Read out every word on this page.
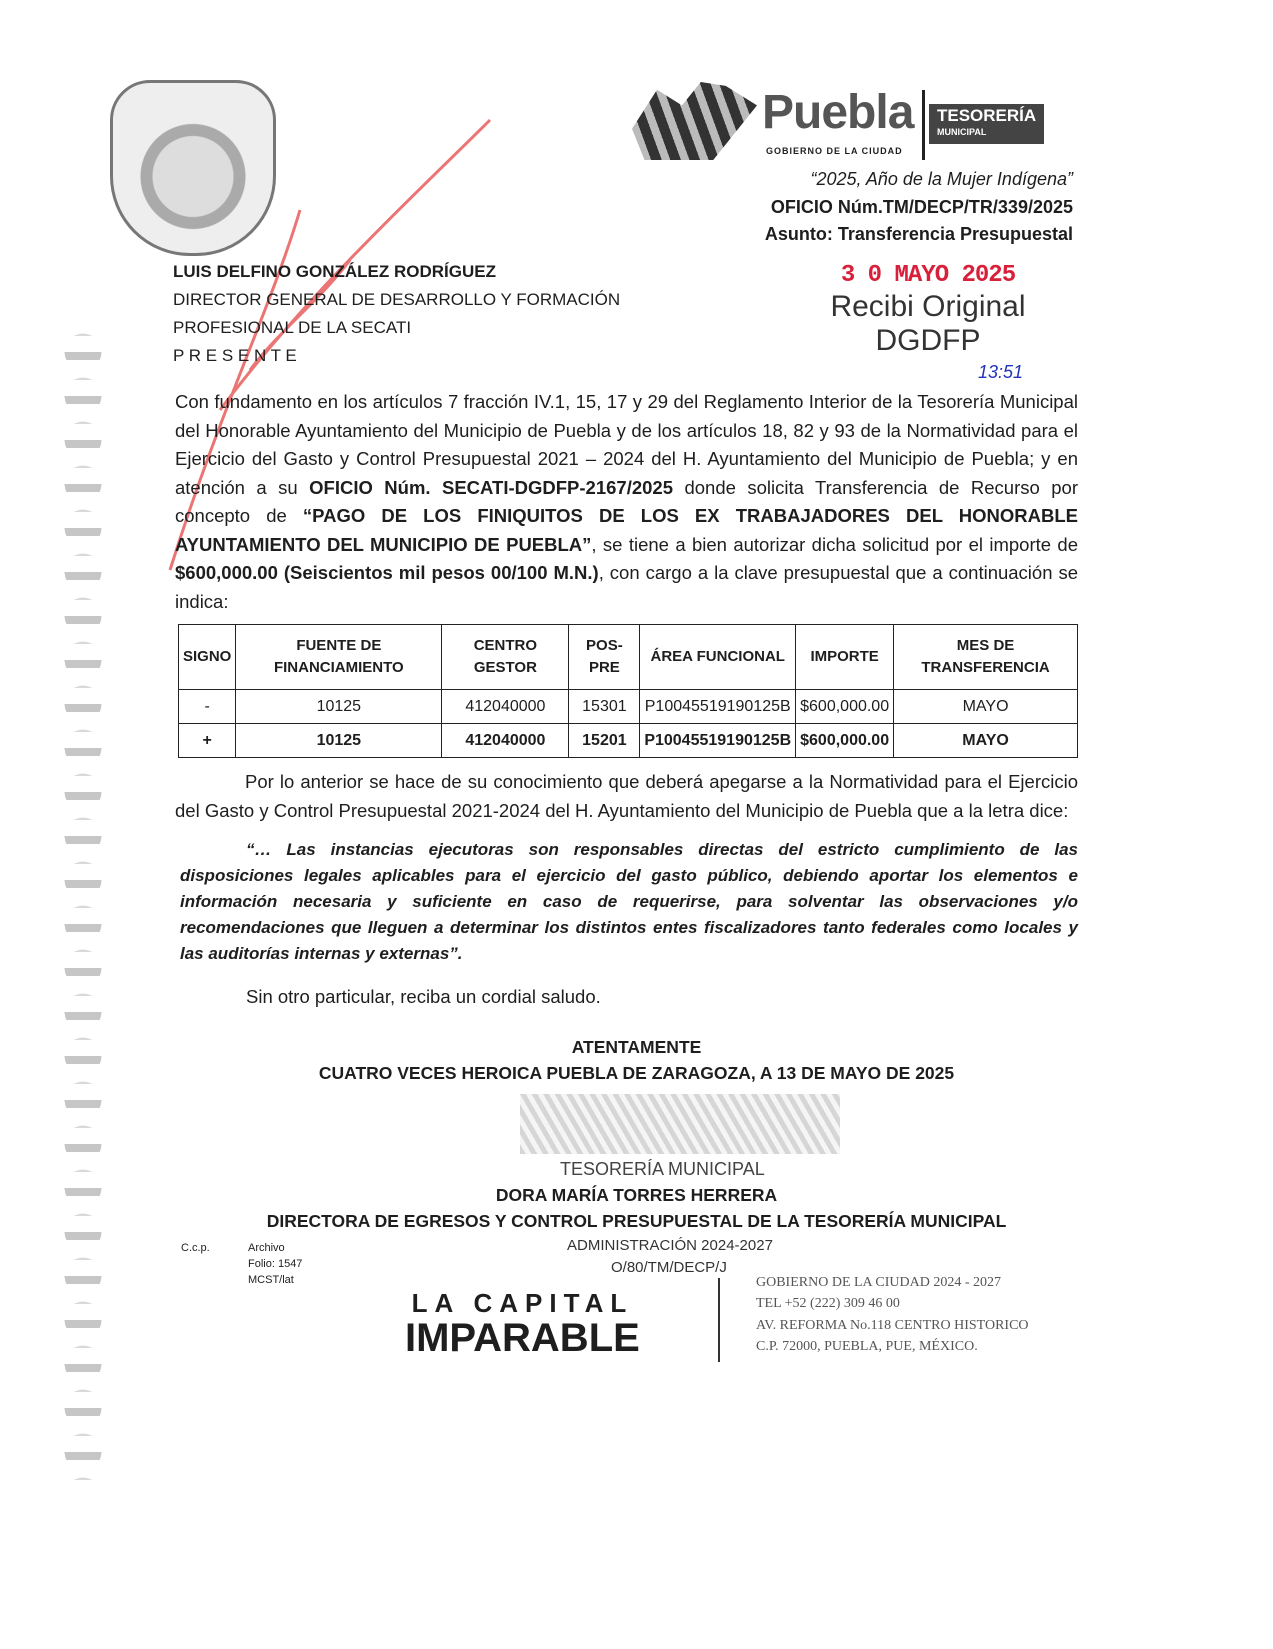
Puebla
GOBIERNO DE LA CIUDAD
TESORERÍA
MUNICIPAL
“2025, Año de la Mujer Indígena”
OFICIO Núm.TM/DECP/TR/339/2025
Asunto: Transferencia Presupuestal
3 0 MAYO 2025
Recibi Original
DGDFP
13:51
LUIS DELFINO GONZÁLEZ RODRÍGUEZ
DIRECTOR GENERAL DE DESARROLLO Y FORMACIÓN
PROFESIONAL DE LA SECATI
P R E S E N T E
Con fundamento en los artículos 7 fracción IV.1, 15, 17 y 29 del Reglamento Interior de la Tesorería Municipal del Honorable Ayuntamiento del Municipio de Puebla y de los artículos 18, 82 y 93 de la Normatividad para el Ejercicio del Gasto y Control Presupuestal 2021 – 2024 del H. Ayuntamiento del Municipio de Puebla; y en atención a su OFICIO Núm. SECATI-DGDFP-2167/2025 donde solicita Transferencia de Recurso por concepto de “PAGO DE LOS FINIQUITOS DE LOS EX TRABAJADORES DEL HONORABLE AYUNTAMIENTO DEL MUNICIPIO DE PUEBLA”, se tiene a bien autorizar dicha solicitud por el importe de $600,000.00 (Seiscientos mil pesos 00/100 M.N.), con cargo a la clave presupuestal que a continuación se indica:
SIGNO	FUENTE DE FINANCIAMIENTO	CENTRO GESTOR	POS-PRE	ÁREA FUNCIONAL	IMPORTE	MES DE TRANSFERENCIA
-	10125	412040000	15301	P10045519190125B	$600,000.00	MAYO
+	10125	412040000	15201	P10045519190125B	$600,000.00	MAYO
Por lo anterior se hace de su conocimiento que deberá apegarse a la Normatividad para el Ejercicio del Gasto y Control Presupuestal 2021-2024 del H. Ayuntamiento del Municipio de Puebla que a la letra dice:
“… Las instancias ejecutoras son responsables directas del estricto cumplimiento de las disposiciones legales aplicables para el ejercicio del gasto público, debiendo aportar los elementos e información necesaria y suficiente en caso de requerirse, para solventar las observaciones y/o recomendaciones que lleguen a determinar los distintos entes fiscalizadores tanto federales como locales y las auditorías internas y externas”.
Sin otro particular, reciba un cordial saludo.
ATENTAMENTE
CUATRO VECES HEROICA PUEBLA DE ZARAGOZA, A 13 DE MAYO DE 2025
TESORERÍA MUNICIPAL
DORA MARÍA TORRES HERRERA
DIRECTORA DE EGRESOS Y CONTROL PRESUPUESTAL DE LA TESORERÍA MUNICIPAL
C.c.p.	Archivo
Folio: 1547
MCST/lat
ADMINISTRACIÓN 2024-2027
O/80/TM/DECP/J
LA CAPITAL
IMPARABLE
GOBIERNO DE LA CIUDAD 2024 - 2027
TEL +52 (222) 309 46 00
AV. REFORMA No.118 CENTRO HISTORICO
C.P. 72000, PUEBLA, PUE, MÉXICO.
